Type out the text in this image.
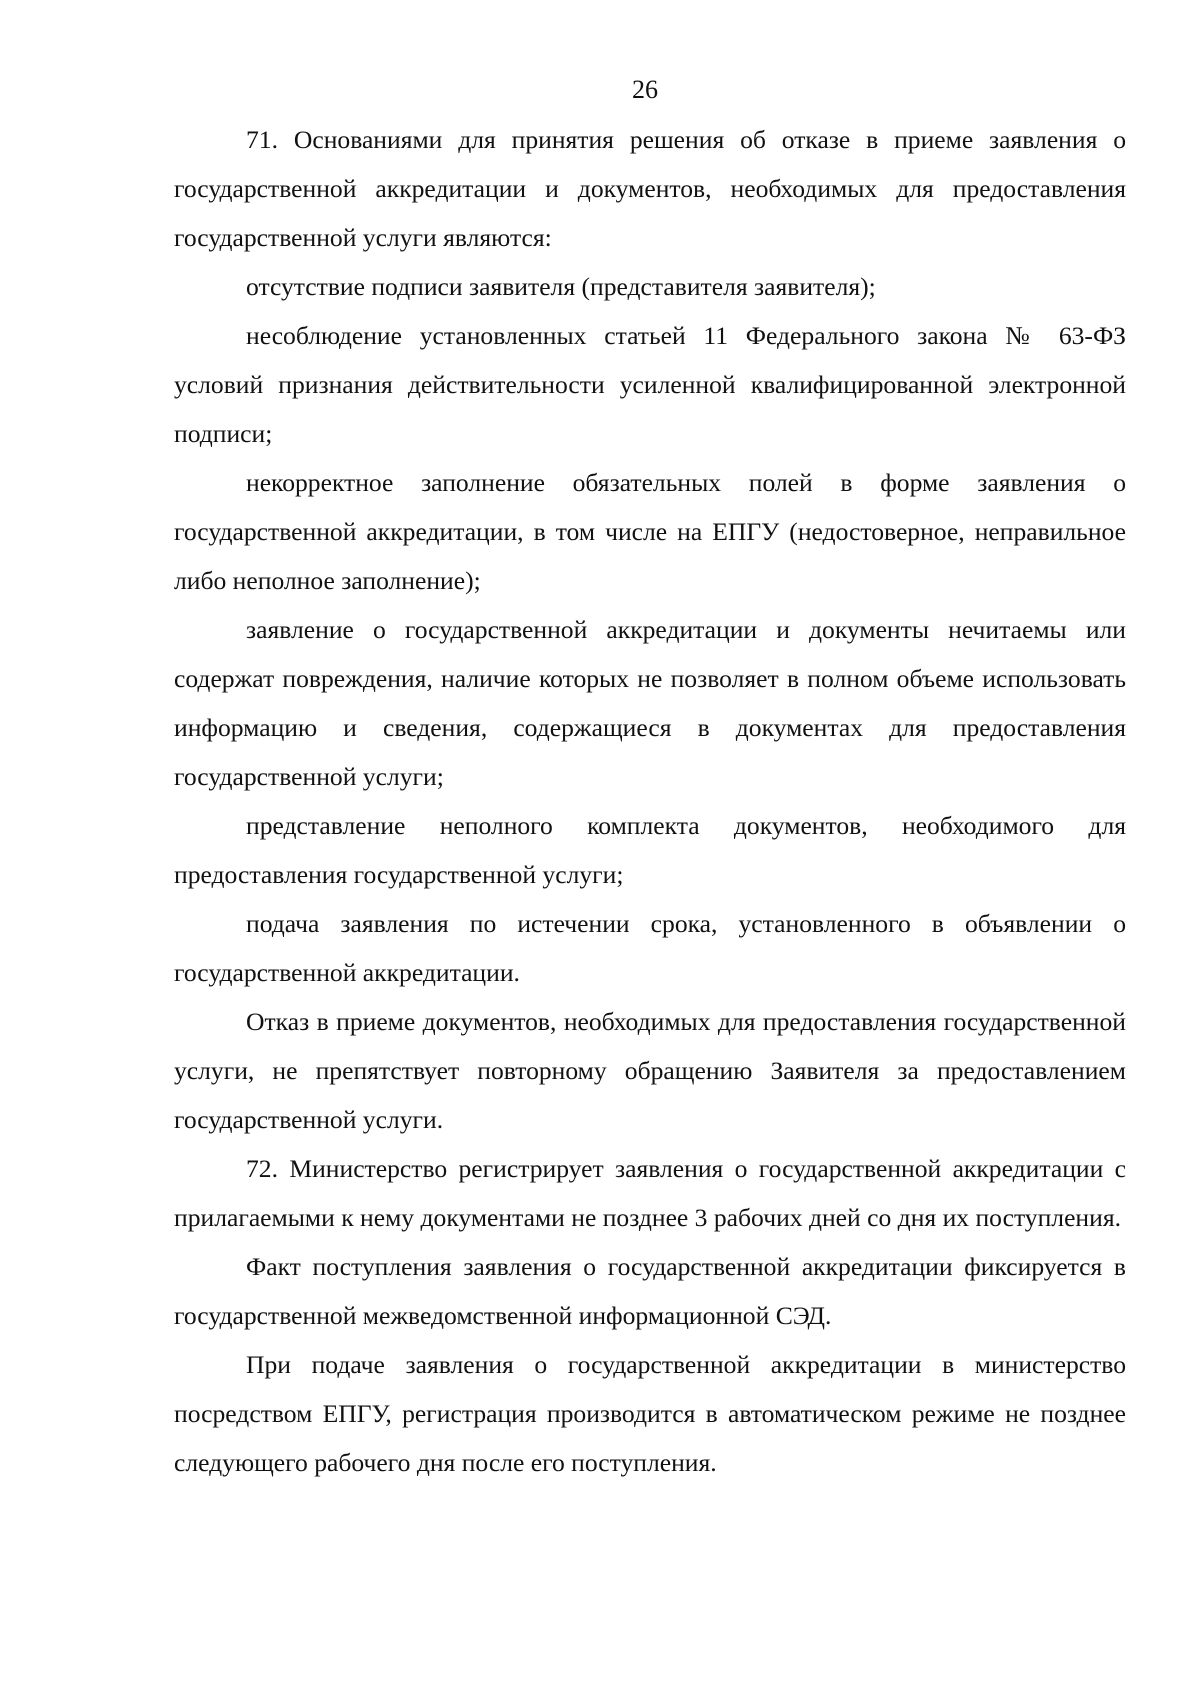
26

71. Основаниями для принятия решения об отказе в приеме заявления о государственной аккредитации и документов, необходимых для предоставления государственной услуги являются:

отсутствие подписи заявителя (представителя заявителя);

несоблюдение установленных статьей 11 Федерального закона № 63-ФЗ условий признания действительности усиленной квалифицированной электронной подписи;

некорректное заполнение обязательных полей в форме заявления о государственной аккредитации, в том числе на ЕПГУ (недостоверное, неправильное либо неполное заполнение);

заявление о государственной аккредитации и документы нечитаемы или содержат повреждения, наличие которых не позволяет в полном объеме использовать информацию и сведения, содержащиеся в документах для предоставления государственной услуги;

представление неполного комплекта документов, необходимого для предоставления государственной услуги;

подача заявления по истечении срока, установленного в объявлении о государственной аккредитации.

Отказ в приеме документов, необходимых для предоставления государственной услуги, не препятствует повторному обращению Заявителя за предоставлением государственной услуги.

72. Министерство регистрирует заявления о государственной аккредитации с прилагаемыми к нему документами не позднее 3 рабочих дней со дня их поступления.

Факт поступления заявления о государственной аккредитации фиксируется в государственной межведомственной информационной СЭД.

При подаче заявления о государственной аккредитации в министерство посредством ЕПГУ, регистрация производится в автоматическом режиме не позднее следующего рабочего дня после его поступления.
